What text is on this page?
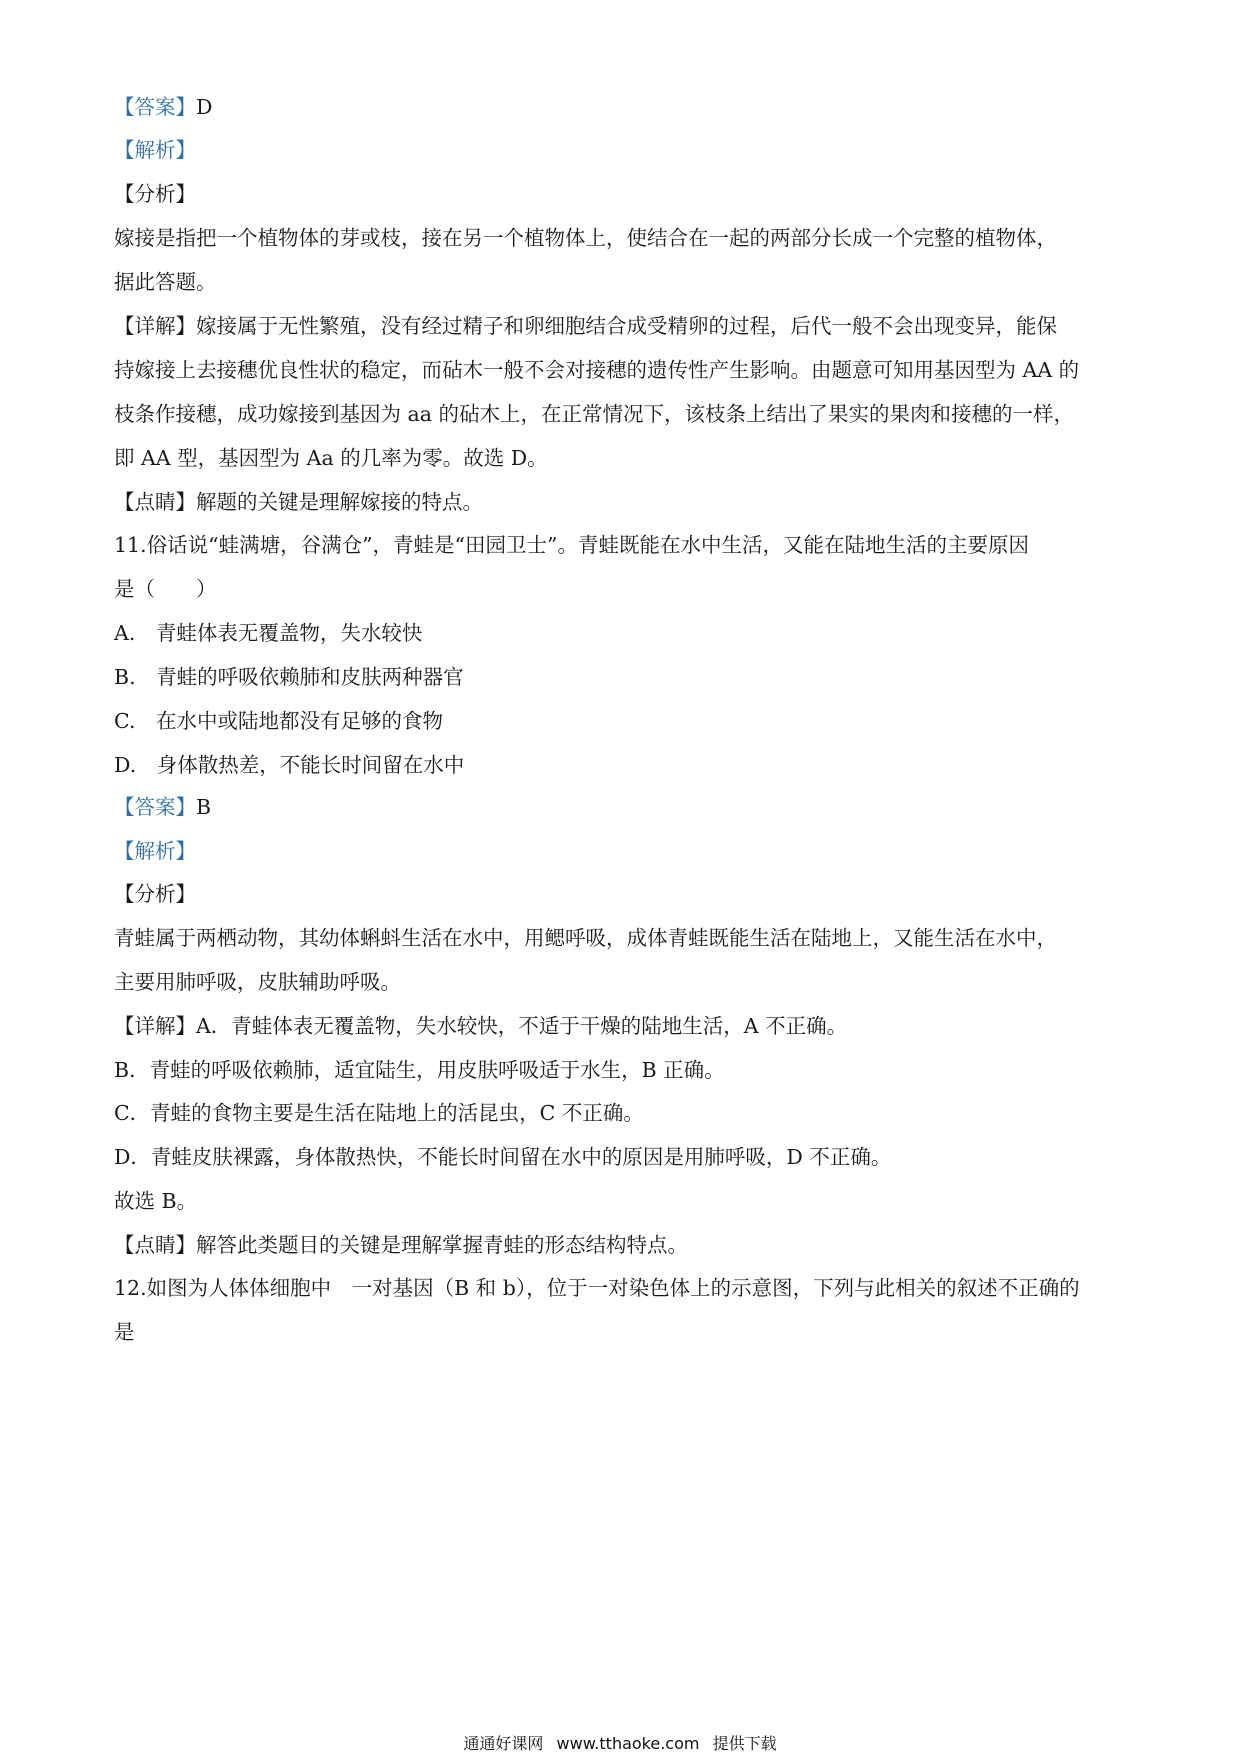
【答案】D
【解析】
【分析】
嫁接是指把一个植物体的芽或枝，接在另一个植物体上，使结合在一起的两部分长成一个完整的植物体，
据此答题。
【详解】嫁接属于无性繁殖，没有经过精子和卵细胞结合成受精卵的过程，后代一般不会出现变异，能保
持嫁接上去接穗优良性状的稳定，而砧木一般不会对接穗的遗传性产生影响。由题意可知用基因型为 AA 的
枝条作接穗，成功嫁接到基因为 aa 的砧木上，在正常情况下，该枝条上结出了果实的果肉和接穗的一样，
即 AA 型，基因型为 Aa 的几率为零。故选 D。
【点睛】解题的关键是理解嫁接的特点。
11.俗话说“蛙满塘，谷满仓”，青蛙是“田园卫士”。青蛙既能在水中生活，又能在陆地生活的主要原因
是（　　）
A.　青蛙体表无覆盖物，失水较快
B.　青蛙的呼吸依赖肺和皮肤两种器官
C.　在水中或陆地都没有足够的食物
D.　身体散热差，不能长时间留在水中
【答案】B
【解析】
【分析】
青蛙属于两栖动物，其幼体蝌蚪生活在水中，用鳃呼吸，成体青蛙既能生活在陆地上，又能生活在水中，
主要用肺呼吸，皮肤辅助呼吸。
【详解】A．青蛙体表无覆盖物，失水较快，不适于干燥的陆地生活，A 不正确。
B．青蛙的呼吸依赖肺，适宜陆生，用皮肤呼吸适于水生，B 正确。
C．青蛙的食物主要是生活在陆地上的活昆虫，C 不正确。
D．青蛙皮肤裸露，身体散热快，不能长时间留在水中的原因是用肺呼吸，D 不正确。
故选 B。
【点睛】解答此类题目的关键是理解掌握青蛙的形态结构特点。
12.如图为人体体细胞中　一对基因（B 和 b），位于一对染色体上的示意图，下列与此相关的叙述不正确的
是
通通好课网 www.tthaoke.com 提供下载
